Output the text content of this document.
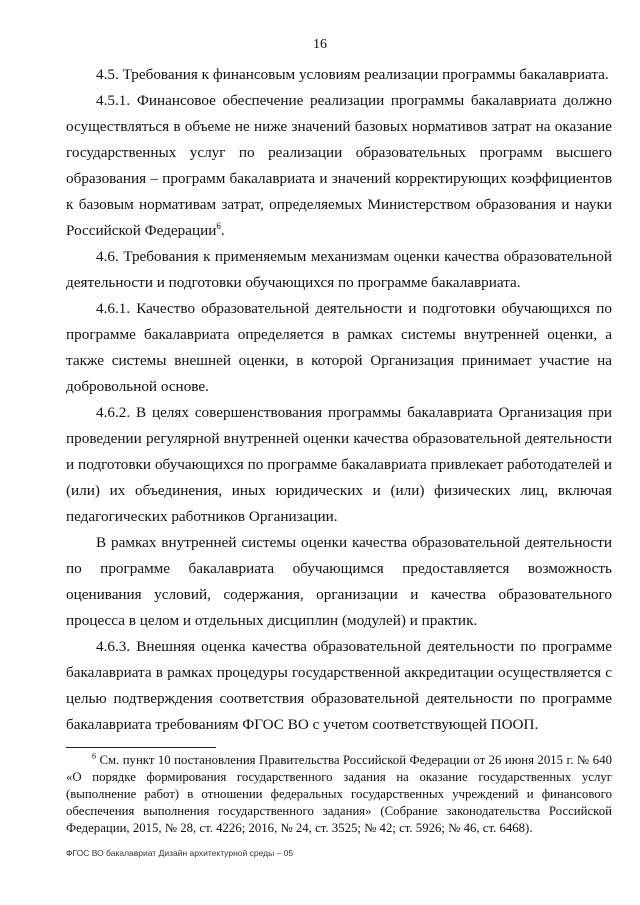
16

4.5. Требования к финансовым условиям реализации программы бакалавриата.

4.5.1. Финансовое обеспечение реализации программы бакалавриата должно осуществляться в объеме не ниже значений базовых нормативов затрат на оказание государственных услуг по реализации образовательных программ высшего образования – программ бакалавриата и значений корректирующих коэффициентов к базовым нормативам затрат, определяемых Министерством образования и науки Российской Федерации$^6$.

4.6. Требования к применяемым механизмам оценки качества образовательной деятельности и подготовки обучающихся по программе бакалавриата.

4.6.1. Качество образовательной деятельности и подготовки обучающихся по программе бакалавриата определяется в рамках системы внутренней оценки, а также системы внешней оценки, в которой Организация принимает участие на добровольной основе.

4.6.2. В целях совершенствования программы бакалавриата Организация при проведении регулярной внутренней оценки качества образовательной деятельности и подготовки обучающихся по программе бакалавриата привлекает работодателей и (или) их объединения, иных юридических и (или) физических лиц, включая педагогических работников Организации.

В рамках внутренней системы оценки качества образовательной деятельности по программе бакалавриата обучающимся предоставляется возможность оценивания условий, содержания, организации и качества образовательного процесса в целом и отдельных дисциплин (модулей) и практик.

4.6.3. Внешняя оценка качества образовательной деятельности по программе бакалавриата в рамках процедуры государственной аккредитации осуществляется с целью подтверждения соответствия образовательной деятельности по программе бакалавриата требованиям ФГОС ВО с учетом соответствующей ПООП.

$^6$ См. пункт 10 постановления Правительства Российской Федерации от 26 июня 2015 г. № 640 «О порядке формирования государственного задания на оказание государственных услуг (выполнение работ) в отношении федеральных государственных учреждений и финансового обеспечения выполнения государственного задания» (Собрание законодательства Российской Федерации, 2015, № 28, ст. 4226; 2016, № 24, ст. 3525; № 42; ст. 5926; № 46, ст. 6468).
ФГОС ВО бакалавриат Дизайн архитектурной среды – 05
